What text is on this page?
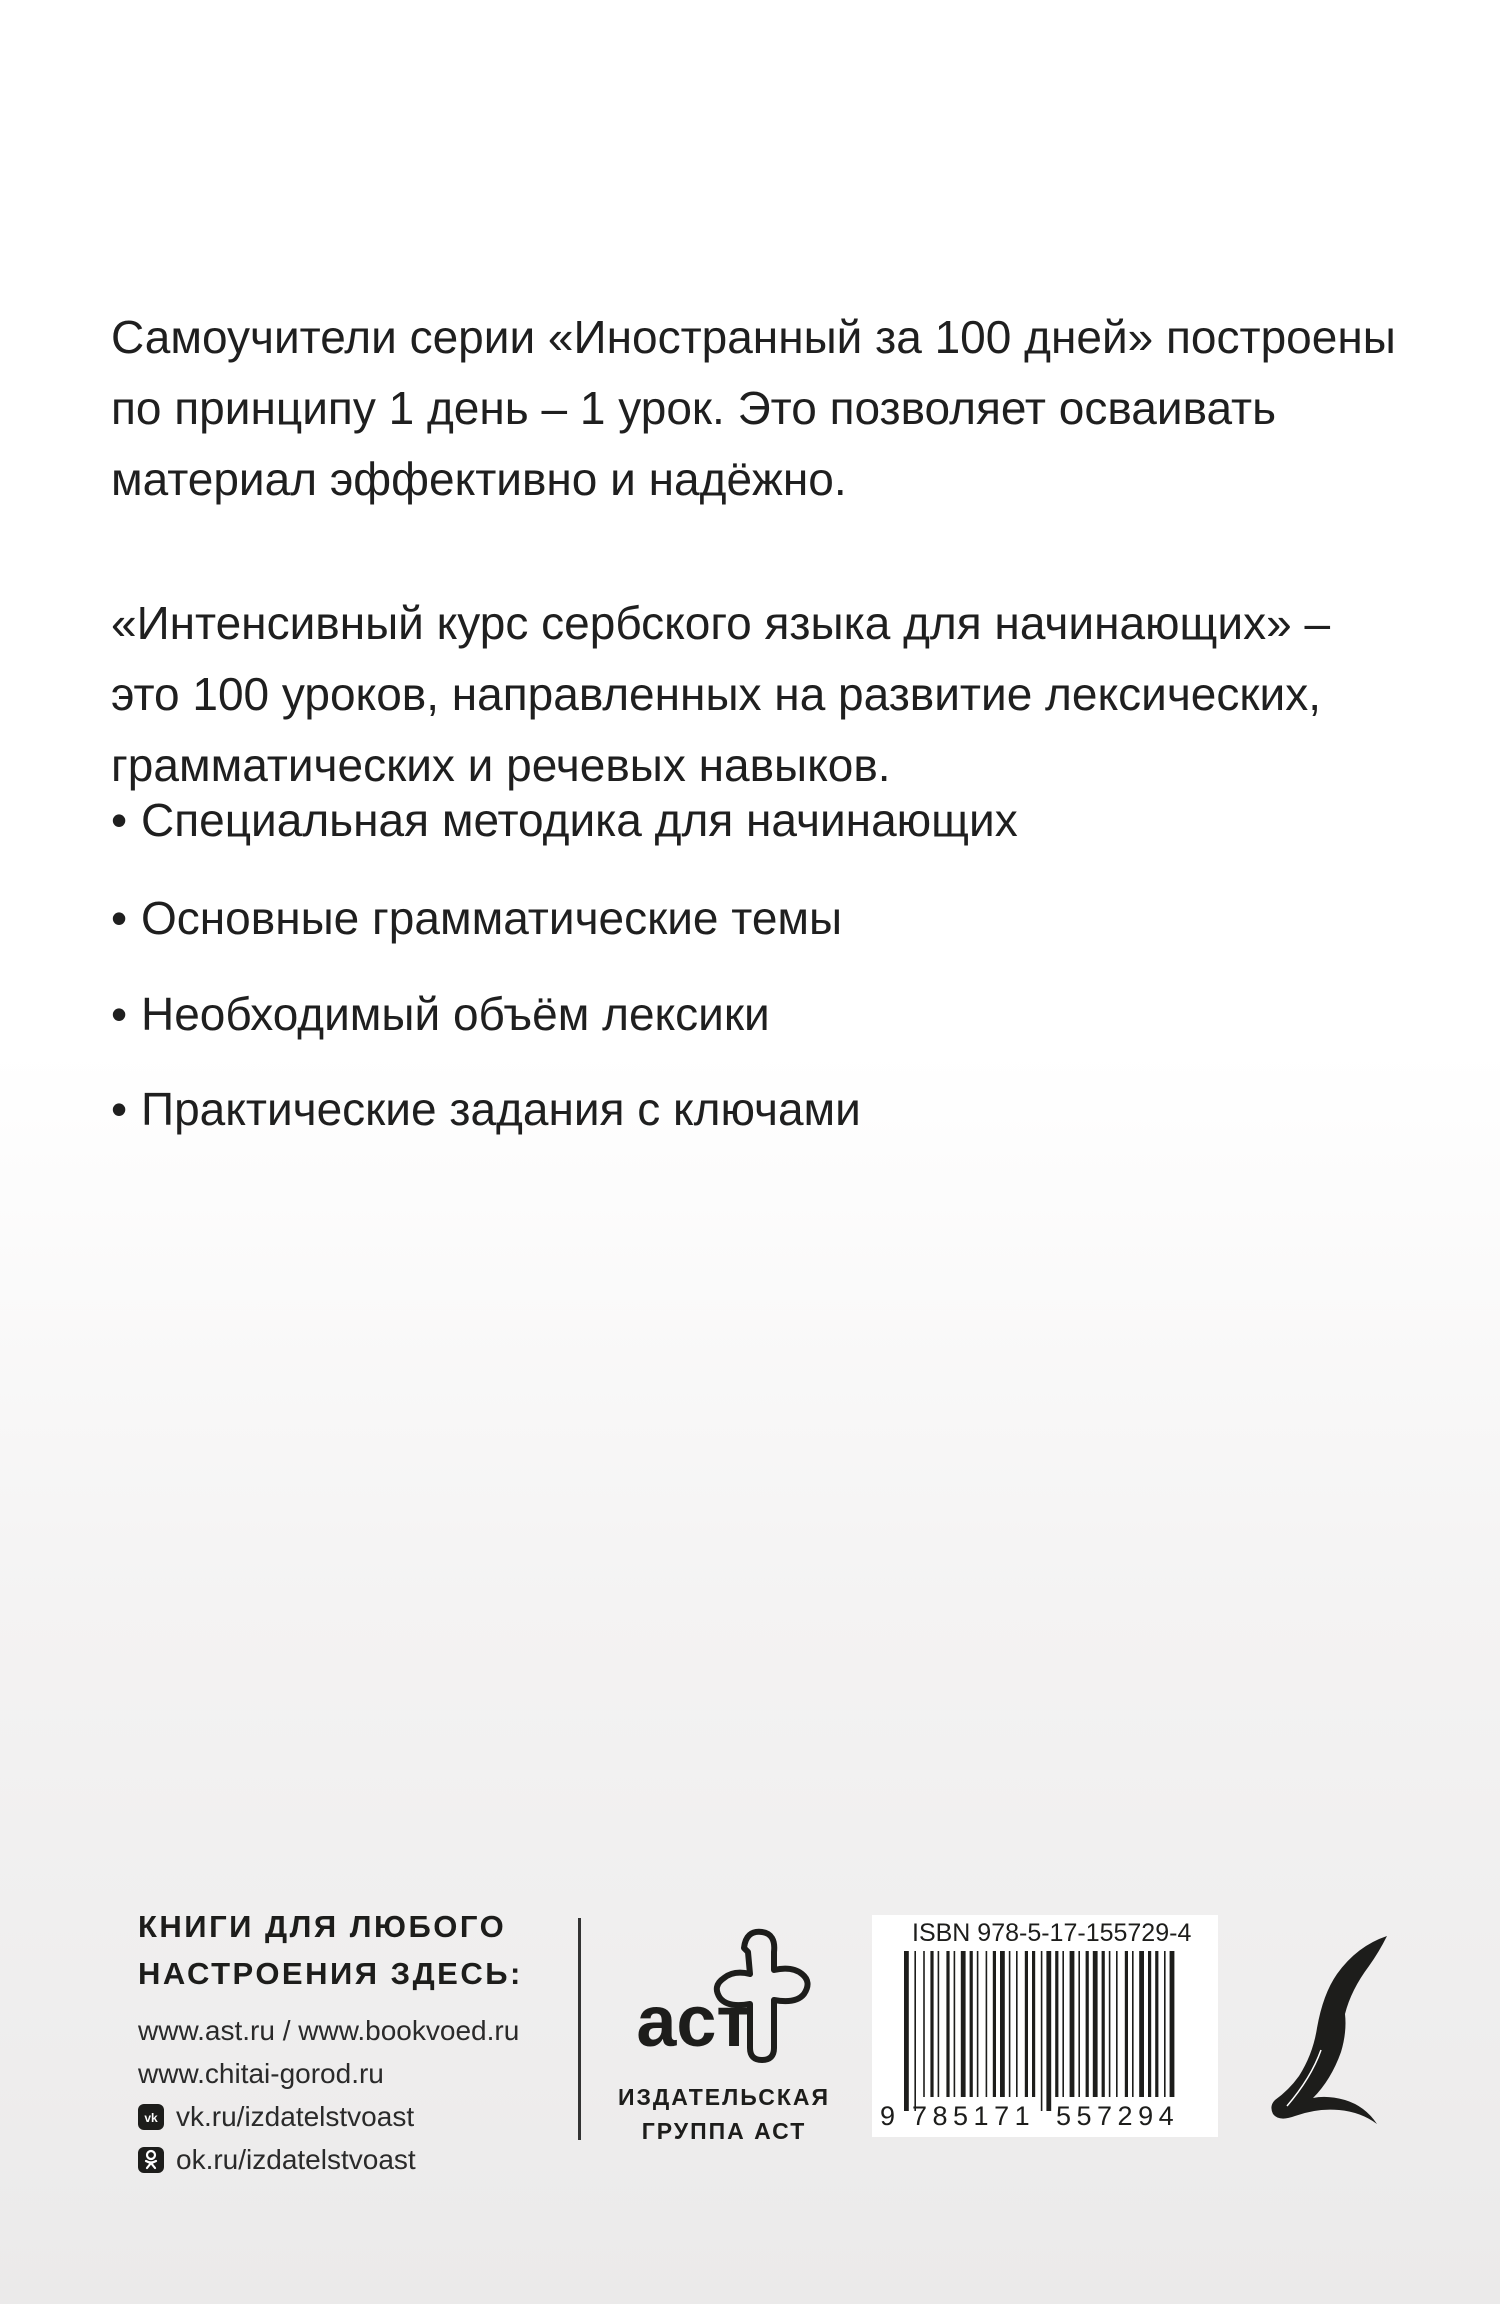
Самоучители серии «Иностранный за 100 дней» построены по принципу 1 день – 1 урок. Это позволяет осваивать материал эффективно и надёжно.

«Интенсивный курс сербского языка для начинающих» – это 100 уроков, направленных на развитие лексических, грамматических и речевых навыков.

• Специальная методика для начинающих
• Основные грамматические темы
• Необходимый объём лексики
• Практические задания с ключами

КНИГИ ДЛЯ ЛЮБОГО

НАСТРОЕНИЯ ЗДЕСЬ:

www.ast.ru / www.bookvoed.ru
www.chitai-gorod.ru
vk vk.ru/izdatelstvoast
ok.ru/izdatelstvoast
аст
ИЗДАТЕЛЬСКАЯ
ГРУППА АСТ
ISBN 978-5-17-155729-4
9 785171 557294
